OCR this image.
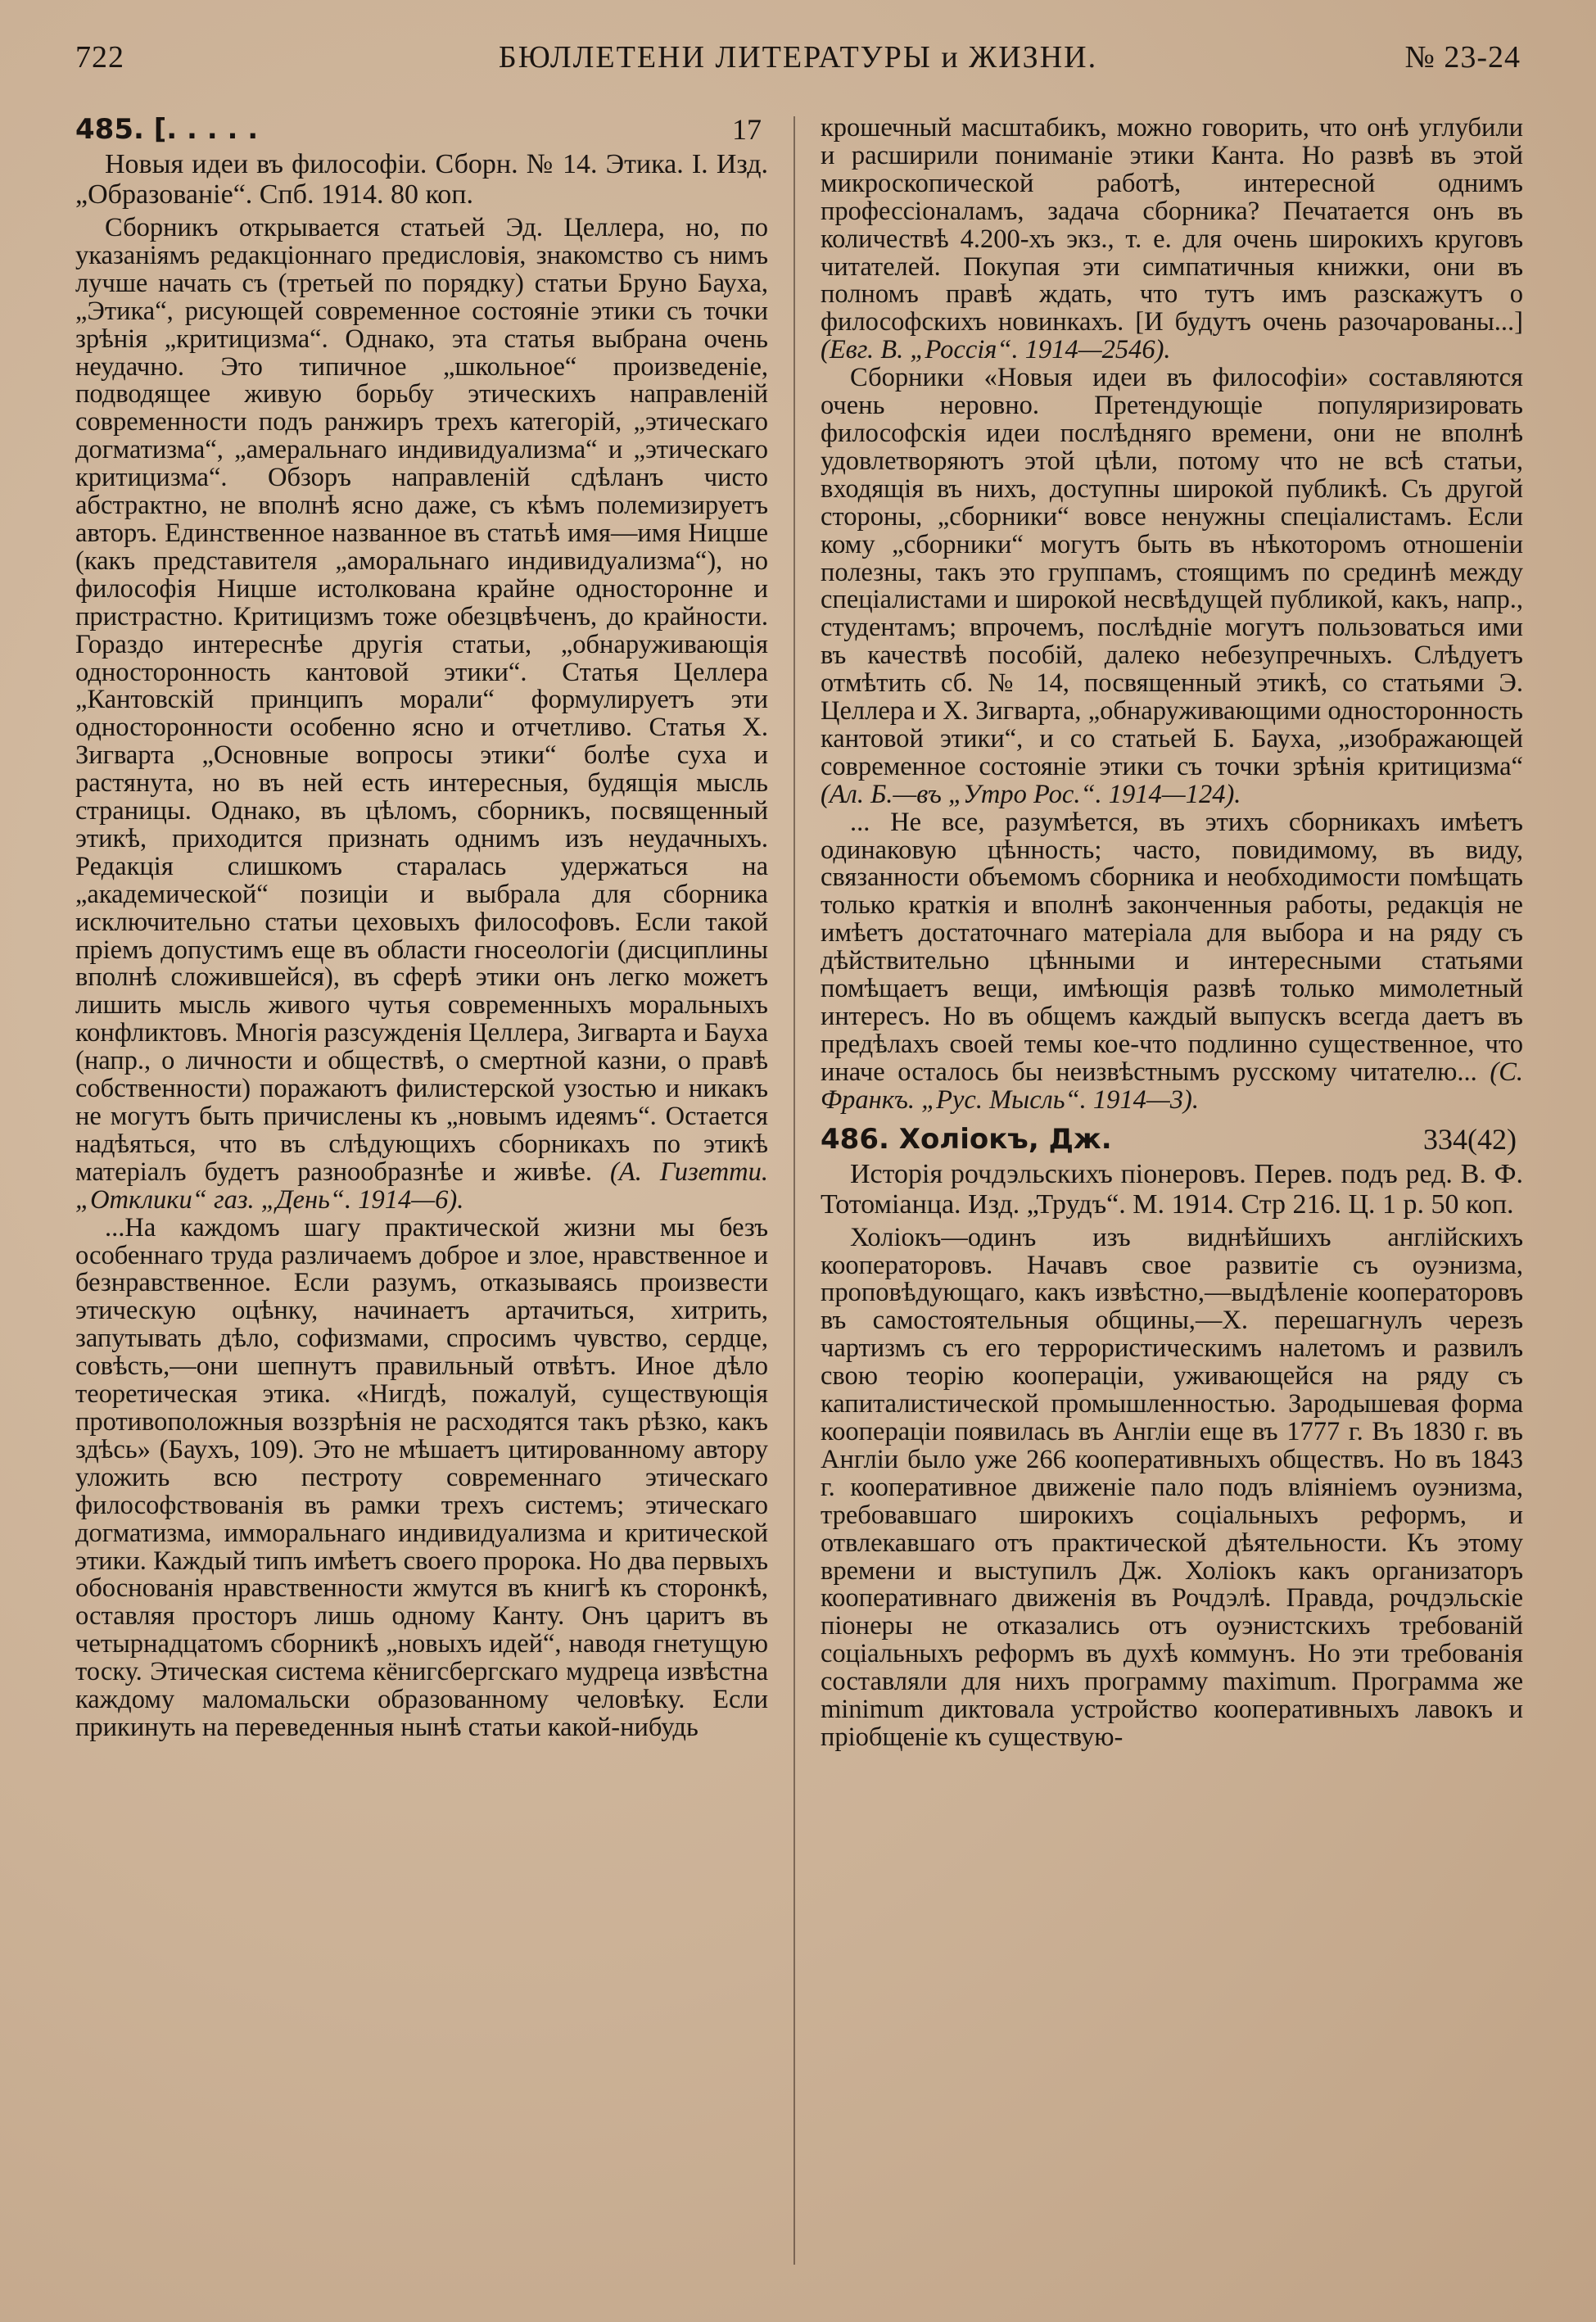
722	БЮЛЛЕТЕНИ ЛИТЕРАТУРЫ и ЖИЗНИ.	№ 23-24
485. [. . . . .	17

Новыя идеи въ философіи. Сборн. № 14. Этика. I. Изд. „Образованіе“. Спб. 1914. 80 коп.

Сборникъ открывается статьей Эд. Целлера, но, по указаніямъ редакціоннаго предисловія, знакомство съ нимъ лучше начать съ (третьей по порядку) статьи Бруно Бауха, „Этика“, рисующей современное состояніе этики съ точки зрѣнія „критицизма“. Однако, эта статья выбрана очень неудачно. Это типичное „школьное“ произведеніе, подводящее живую борьбу этическихъ направленій современности подъ ранжиръ трехъ категорій, „этическаго догматизма“, „амеральнаго индивидуализма“ и „этическаго критицизма“. Обзоръ направленій сдѣланъ чисто абстрактно, не вполнѣ ясно даже, съ кѣмъ полемизируетъ авторъ. Единственное названное въ статьѣ имя—имя Ницше (какъ представителя „аморальнаго индивидуализма“), но философія Ницше истолкована крайне односторонне и пристрастно. Критицизмъ тоже обезцвѣченъ, до крайности. Гораздо интереснѣе другія статьи, „обнаруживающія односторонность кантовой этики“. Статья Целлера „Кантовскій принципъ морали“ формулируетъ эти односторонности особенно ясно и отчетливо. Статья Х. Зигварта „Основные вопросы этики“ болѣе суха и растянута, но въ ней есть интересныя, будящія мысль страницы. Однако, въ цѣломъ, сборникъ, посвященный этикѣ, приходится признать однимъ изъ неудачныхъ. Редакція слишкомъ старалась удержаться на „академической“ позиціи и выбрала для сборника исключительно статьи цеховыхъ философовъ. Если такой пріемъ допустимъ еще въ области гносеологіи (дисциплины вполнѣ сложившейся), въ сферѣ этики онъ легко можетъ лишить мысль живого чутья современныхъ моральныхъ конфликтовъ. Многія разсужденія Целлера, Зигварта и Бауха (напр., о личности и обществѣ, о смертной казни, о правѣ собственности) поражаютъ филистерской узостью и никакъ не могутъ быть причислены къ „новымъ идеямъ“. Остается надѣяться, что въ слѣдующихъ сборникахъ по этикѣ матеріалъ будетъ разнообразнѣе и живѣе. (А. Гизетти. „Отклики“ газ. „День“. 1914—6).

...На каждомъ шагу практической жизни мы безъ особеннаго труда различаемъ доброе и злое, нравственное и безнравственное. Если разумъ, отказываясь произвести этическую оцѣнку, начинаетъ артачиться, хитрить, запутывать дѣло, софизмами, спросимъ чувство, сердце, совѣсть,—они шепнутъ правильный отвѣтъ. Иное дѣло теоретическая этика. «Нигдѣ, пожалуй, существующія противоположныя воззрѣнія не расходятся такъ рѣзко, какъ здѣсь» (Баухъ, 109). Это не мѣшаетъ цитированному автору уложить всю пестроту современнаго этическаго философствованія въ рамки трехъ системъ; этическаго догматизма, имморальнаго индивидуализма и критической этики. Каждый типъ имѣетъ своего пророка. Но два первыхъ обоснованія нравственности жмутся въ книгѣ къ сторонкѣ, оставляя просторъ лишь одному Канту. Онъ царитъ въ четырнадцатомъ сборникѣ „новыхъ идей“, наводя гнетущую тоску. Этическая система кёнигсбергскаго мудреца извѣстна каждому маломальски образованному человѣку. Если прикинуть на переведенныя нынѣ статьи какой-нибудь

крошечный масштабикъ, можно говорить, что онѣ углубили и расширили пониманіе этики Канта. Но развѣ въ этой микроскопической работѣ, интересной однимъ профессіоналамъ, задача сборника? Печатается онъ въ количествѣ 4.200-хъ экз., т. е. для очень широкихъ круговъ читателей. Покупая эти симпатичныя книжки, они въ полномъ правѣ ждать, что тутъ имъ разскажутъ о философскихъ новинкахъ. [И будутъ очень разочарованы...] (Евг. В. „Россія“. 1914—2546).

Сборники «Новыя идеи въ философіи» составляются очень неровно. Претендующіе популяризировать философскія идеи послѣдняго времени, они не вполнѣ удовлетворяютъ этой цѣли, потому что не всѣ статьи, входящія въ нихъ, доступны широкой публикѣ. Съ другой стороны, „сборники“ вовсе ненужны спеціалистамъ. Если кому „сборники“ могутъ быть въ нѣкоторомъ отношеніи полезны, такъ это группамъ, стоящимъ по срединѣ между спеціалистами и широкой несвѣдущей публикой, какъ, напр., студентамъ; впрочемъ, послѣдніе могутъ пользоваться ими въ качествѣ пособій, далеко небезупречныхъ. Слѣдуетъ отмѣтить сб. № 14, посвященный этикѣ, со статьями Э. Целлера и Х. Зигварта, „обнаруживающими односторонность кантовой этики“, и со статьей Б. Бауха, „изображающей современное состояніе этики съ точки зрѣнія критицизма“ (Ал. Б.—въ „Утро Рос.“. 1914—124).

... Не все, разумѣется, въ этихъ сборникахъ имѣетъ одинаковую цѣнность; часто, повидимому, въ виду, связанности объемомъ сборника и необходимости помѣщать только краткія и вполнѣ законченныя работы, редакція не имѣетъ достаточнаго матеріала для выбора и на ряду съ дѣйствительно цѣнными и интересными статьями помѣщаетъ вещи, имѣющія развѣ только мимолетный интересъ. Но въ общемъ каждый выпускъ всегда даетъ въ предѣлахъ своей темы кое-что подлинно существенное, что иначе осталось бы неизвѣстнымъ русскому читателю... (С. Франкъ. „Рус. Мысль“. 1914—3).

486. Холіокъ, Дж.	334(42)

Исторія рочдэльскихъ піонеровъ. Перев. подъ ред. В. Ф. Тотоміанца. Изд. „Трудъ“. М. 1914. Стр 216. Ц. 1 р. 50 коп.

Холіокъ—одинъ изъ виднѣйшихъ англійскихъ кооператоровъ. Начавъ свое развитіе съ оуэнизма, проповѣдующаго, какъ извѣстно,—выдѣленіе кооператоровъ въ самостоятельныя общины,—Х. перешагнулъ черезъ чартизмъ съ его террористическимъ налетомъ и развилъ свою теорію кооперацiи, уживающейся на ряду съ капиталистической промышленностью. Зародышевая форма кооперацiи появилась въ Англіи еще въ 1777 г. Въ 1830 г. въ Англіи было уже 266 кооперативныхъ обществъ. Но въ 1843 г. кооперативное движеніе пало подъ вліяніемъ оуэнизма, требовавшаго широкихъ соціальныхъ реформъ, и отвлекавшаго отъ практической дѣятельности. Къ этому времени и выступилъ Дж. Холіокъ какъ организаторъ кооперативнаго движенія въ Рочдэлѣ. Правда, рочдэльскіе піонеры не отказались отъ оуэнистскихъ требованій соціальныхъ реформъ въ духѣ коммунъ. Но эти требованія составляли для нихъ программу maximum. Программа же minimum диктовала устройство кооперативныхъ лавокъ и пріобщеніе къ существую-
